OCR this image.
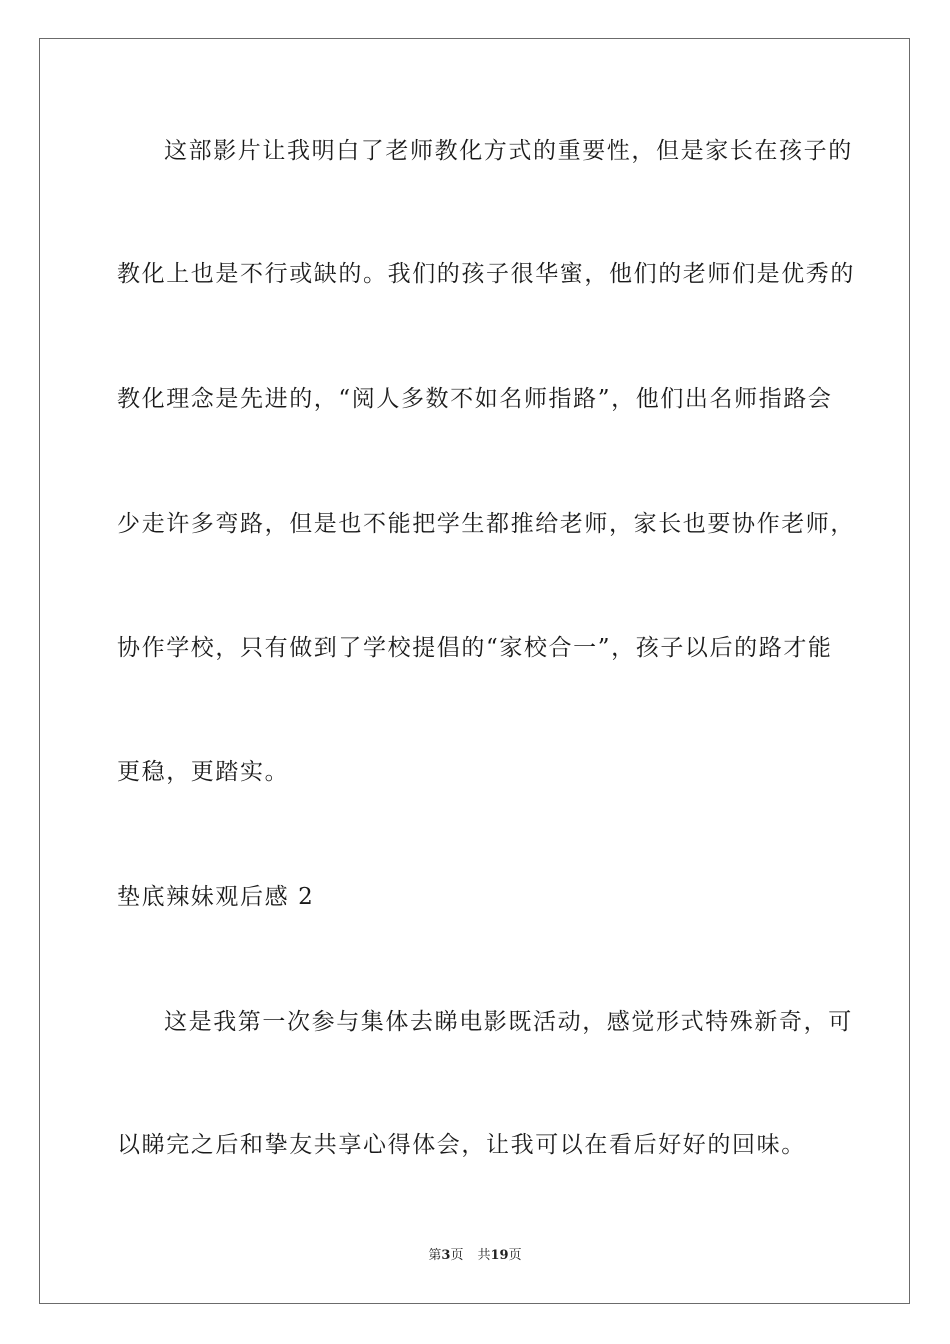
这部影片让我明白了老师教化方式的重要性，但是家长在孩子的
教化上也是不行或缺的。我们的孩子很华蜜，他们的老师们是优秀的
教化理念是先进的，“阅人多数不如名师指路”，他们出名师指路会
少走许多弯路，但是也不能把学生都推给老师，家长也要协作老师，
协作学校，只有做到了学校提倡的“家校合一”，孩子以后的路才能
更稳，更踏实。
垫底辣妹观后感 2
这是我第一次参与集体去睇电影既活动，感觉形式特殊新奇，可
以睇完之后和挚友共享心得体会，让我可以在看后好好的回味。
第3页 共19页
